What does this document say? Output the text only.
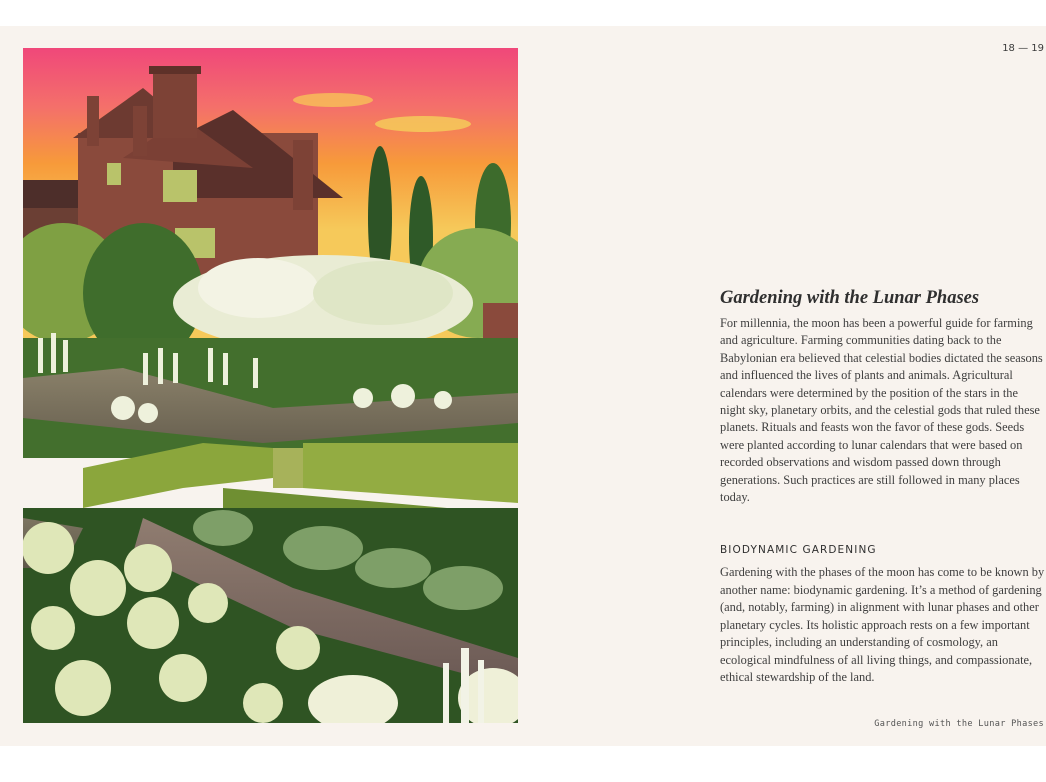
18 — 19
Gardening with the Lunar Phases

For millennia, the moon has been a powerful guide for farming and agriculture. Farming communities dating back to the Babylonian era believed that celestial bodies dictated the seasons and influenced the lives of plants and animals. Agricultural calendars were determined by the position of the stars in the night sky, planetary orbits, and the celestial gods that ruled these planets. Rituals and feasts won the favor of these gods. Seeds were planted according to lunar calendars that were based on recorded observations and wisdom passed down through generations. Such practices are still followed in many places today.

BIODYNAMIC GARDENING

Gardening with the phases of the moon has come to be known by another name: biodynamic gardening. It’s a method of gardening (and, notably, farming) in alignment with lunar phases and other planetary cycles. Its holistic approach rests on a few important principles, including an understanding of cosmology, an ecological mindfulness of all living things, and compassionate, ethical stewardship of the land.

Gardening with the Lunar Phases
